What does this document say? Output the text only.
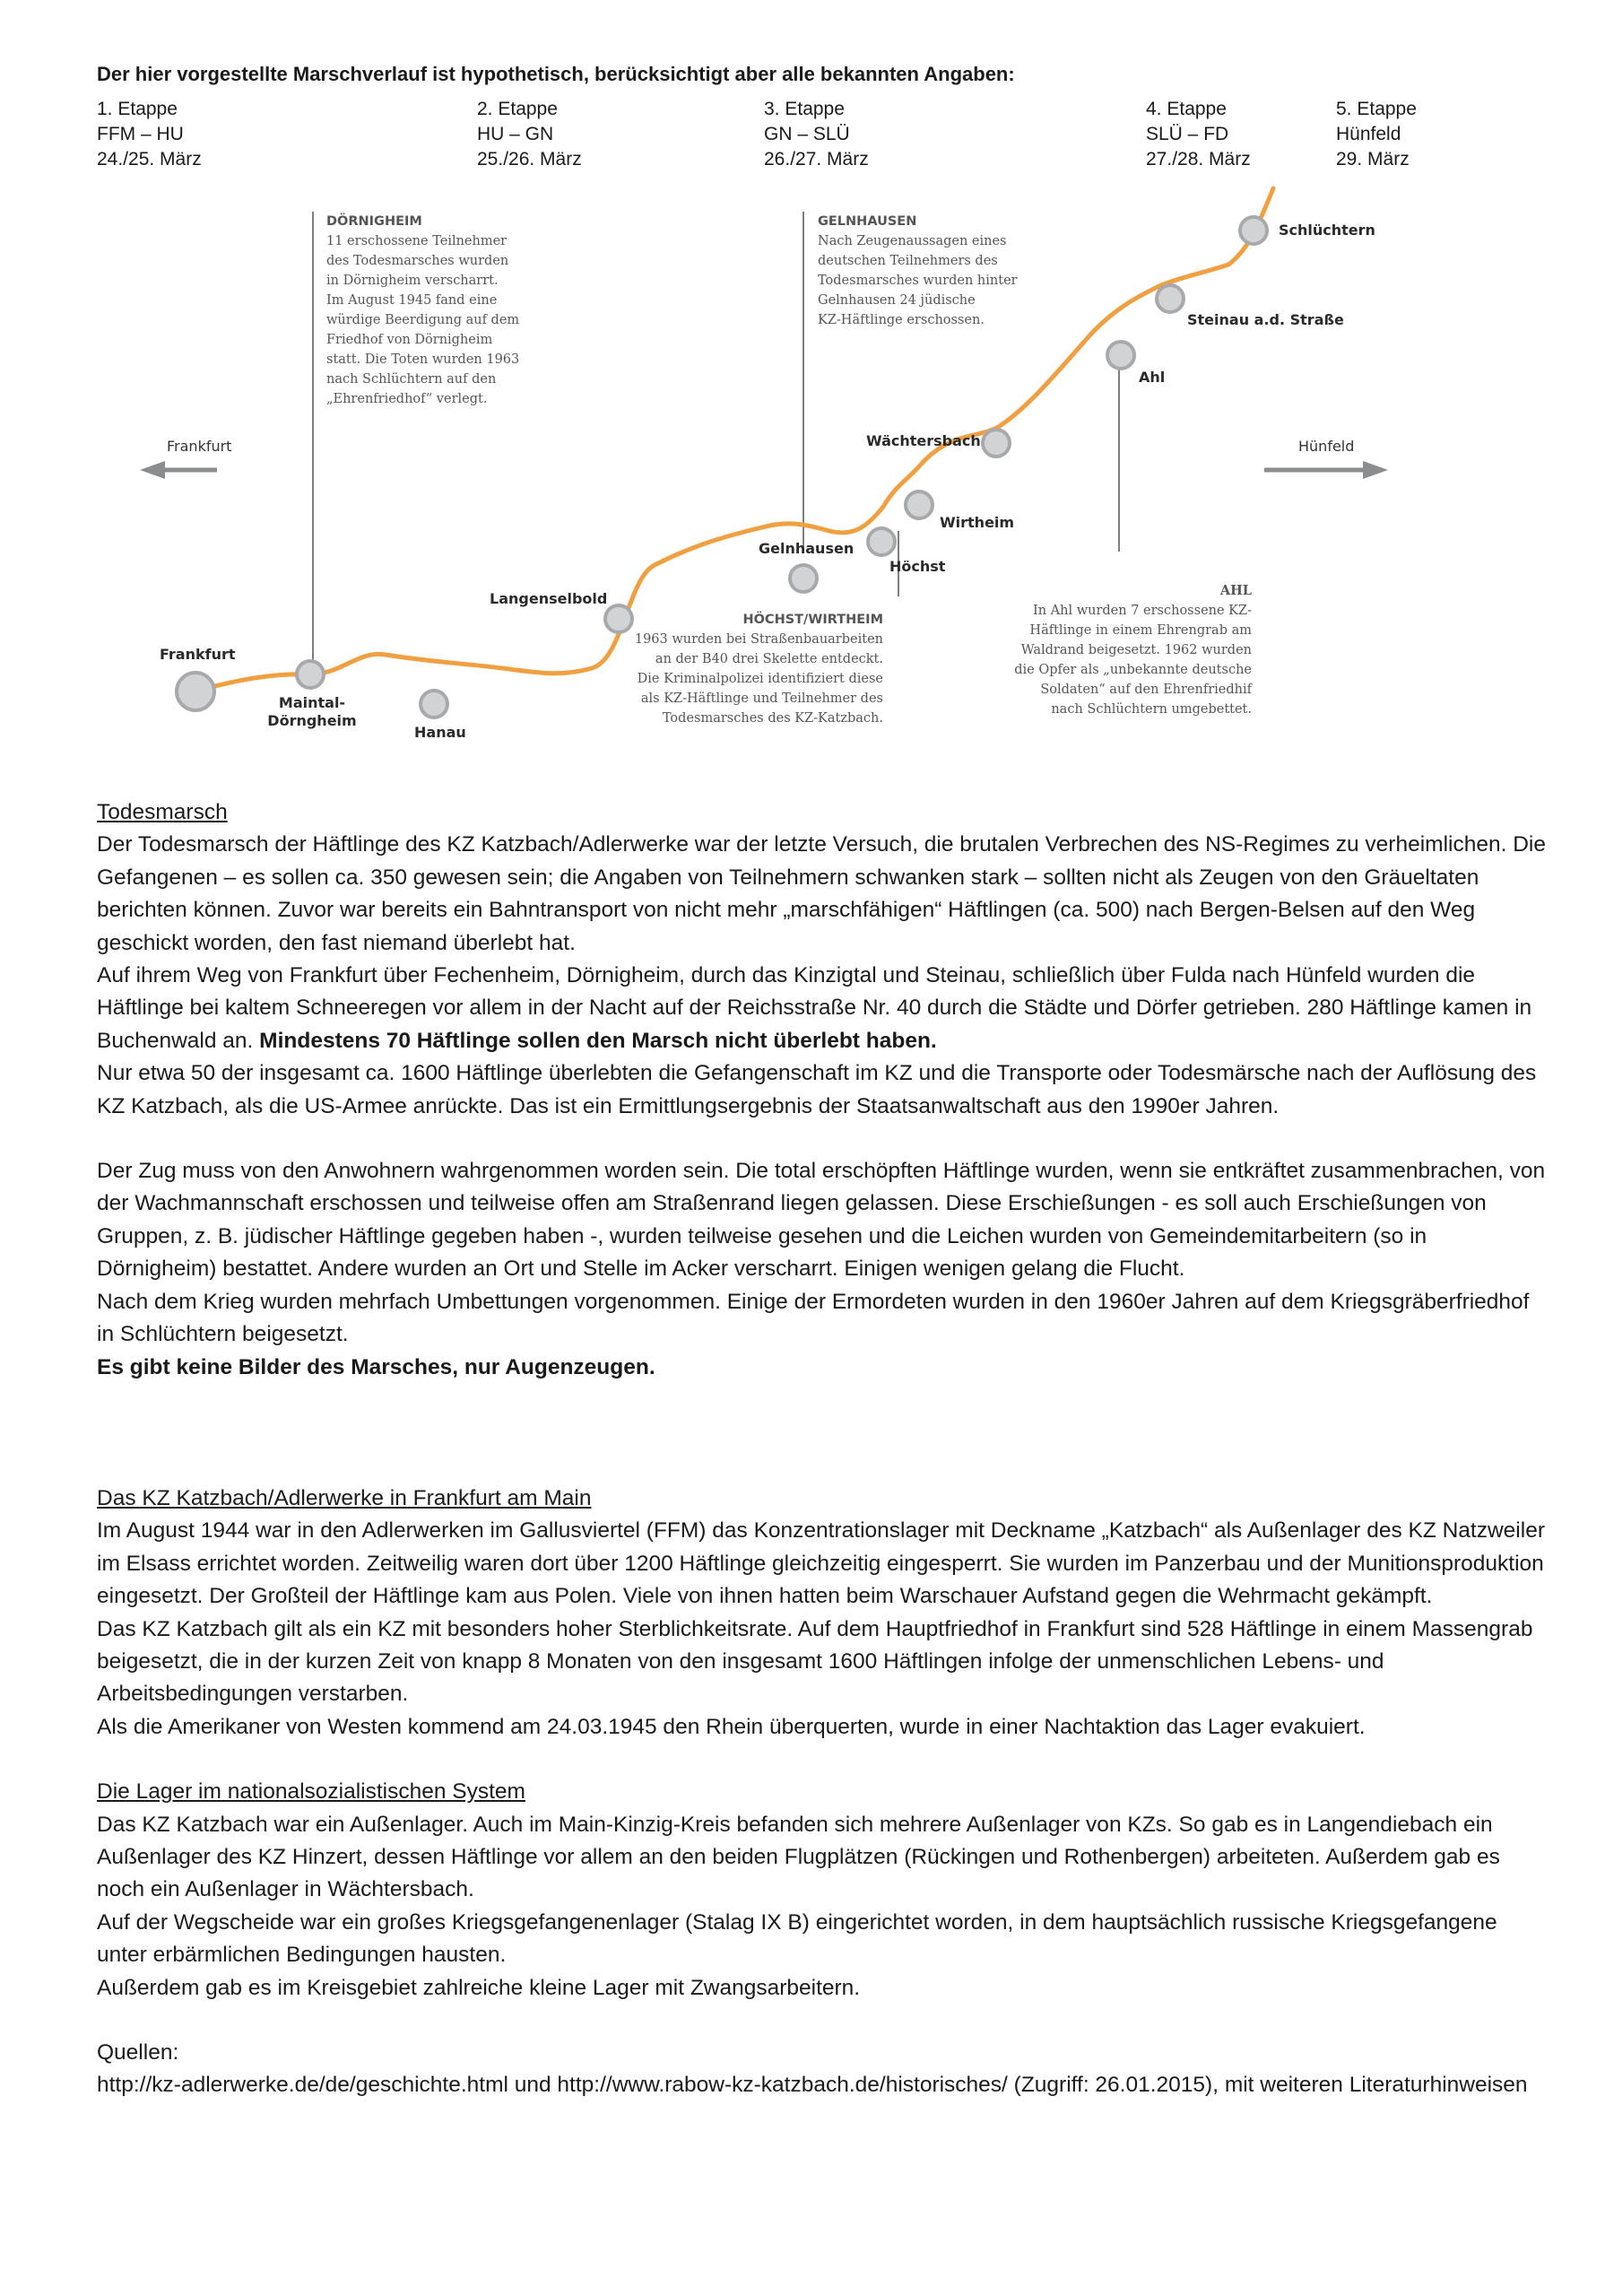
Der hier vorgestellte Marschverlauf ist hypothetisch, berücksichtigt aber alle bekannten Angaben:

1. Etappe
FFM – HU
24./25. März
2. Etappe
HU – GN
25./26. März
3. Etappe
GN – SLÜ
26./27. März
4. Etappe
SLÜ – FD
27./28. März
5. Etappe
Hünfeld
29. März
Frankfurt	Hünfeld
Frankfurt
Maintal-
Dörngheim
Hanau
Langenselbold
Gelnhausen
Höchst
Wirtheim
Wächtersbach
Ahl
Steinau a.d. Straße
Schlüchtern
DÖRNIGHEIM
11 erschossene Teilnehmer
des Todesmarsches wurden
in Dörnigheim verscharrt.
Im August 1945 fand eine
würdige Beerdigung auf dem
Friedhof von Dörnigheim
statt. Die Toten wurden 1963
nach Schlüchtern auf den
„Ehrenfriedhof“ verlegt.
GELNHAUSEN
Nach Zeugenaussagen eines
deutschen Teilnehmers des
Todesmarsches wurden hinter
Gelnhausen 24 jüdische
KZ-Häftlinge erschossen.
HÖCHST/WIRTHEIM
1963 wurden bei Straßenbauarbeiten
an der B40 drei Skelette entdeckt.
Die Kriminalpolizei identifiziert diese
als KZ-Häftlinge und Teilnehmer des
Todesmarsches des KZ-Katzbach.
AHL
In Ahl wurden 7 erschossene KZ-
Häftlinge in einem Ehrengrab am
Waldrand beigesetzt. 1962 wurden
die Opfer als „unbekannte deutsche
Soldaten“ auf den Ehrenfriedhif
nach Schlüchtern umgebettet.

Todesmarsch

Der Todesmarsch der Häftlinge des KZ Katzbach/Adlerwerke war der letzte Versuch, die brutalen Verbrechen des NS-Regimes zu verheimlichen. Die Gefangenen – es sollen ca. 350 gewesen sein; die Angaben von Teilnehmern schwanken stark – sollten nicht als Zeugen von den Gräueltaten berichten können. Zuvor war bereits ein Bahntransport von nicht mehr „marschfähigen“ Häftlingen (ca. 500) nach Bergen-Belsen auf den Weg geschickt worden, den fast niemand überlebt hat.

Auf ihrem Weg von Frankfurt über Fechenheim, Dörnigheim, durch das Kinzigtal und Steinau, schließlich über Fulda nach Hünfeld wurden die Häftlinge bei kaltem Schneeregen vor allem in der Nacht auf der Reichsstraße Nr. 40 durch die Städte und Dörfer getrieben. 280 Häftlinge kamen in Buchenwald an. Mindestens 70 Häftlinge sollen den Marsch nicht überlebt haben.

Nur etwa 50 der insgesamt ca. 1600 Häftlinge überlebten die Gefangenschaft im KZ und die Transporte oder Todesmärsche nach der Auflösung des KZ Katzbach, als die US-Armee anrückte. Das ist ein Ermittlungsergebnis der Staatsanwaltschaft aus den 1990er Jahren.

Der Zug muss von den Anwohnern wahrgenommen worden sein. Die total erschöpften Häftlinge wurden, wenn sie entkräftet zusammenbrachen, von der Wachmannschaft erschossen und teilweise offen am Straßenrand liegen gelassen. Diese Erschießungen - es soll auch Erschießungen von Gruppen, z. B. jüdischer Häftlinge gegeben haben -, wurden teilweise gesehen und die Leichen wurden von Gemeindemitarbeitern (so in Dörnigheim) bestattet. Andere wurden an Ort und Stelle im Acker verscharrt. Einigen wenigen gelang die Flucht.

Nach dem Krieg wurden mehrfach Umbettungen vorgenommen. Einige der Ermordeten wurden in den 1960er Jahren auf dem Kriegsgräberfriedhof in Schlüchtern beigesetzt.

Es gibt keine Bilder des Marsches, nur Augenzeugen.

Das KZ Katzbach/Adlerwerke in Frankfurt am Main

Im August 1944 war in den Adlerwerken im Gallusviertel (FFM) das Konzentrationslager mit Deckname „Katzbach“ als Außenlager des KZ Natzweiler im Elsass errichtet worden. Zeitweilig waren dort über 1200 Häftlinge gleichzeitig eingesperrt. Sie wurden im Panzerbau und der Munitionsproduktion eingesetzt. Der Großteil der Häftlinge kam aus Polen. Viele von ihnen hatten beim Warschauer Aufstand gegen die Wehrmacht gekämpft.

Das KZ Katzbach gilt als ein KZ mit besonders hoher Sterblichkeitsrate. Auf dem Hauptfriedhof in Frankfurt sind 528 Häftlinge in einem Massengrab beigesetzt, die in der kurzen Zeit von knapp 8 Monaten von den insgesamt 1600 Häftlingen infolge der unmenschlichen Lebens- und Arbeitsbedingungen verstarben.

Als die Amerikaner von Westen kommend am 24.03.1945 den Rhein überquerten, wurde in einer Nachtaktion das Lager evakuiert.

Die Lager im nationalsozialistischen System

Das KZ Katzbach war ein Außenlager. Auch im Main-Kinzig-Kreis befanden sich mehrere Außenlager von KZs. So gab es in Langendiebach ein Außenlager des KZ Hinzert, dessen Häftlinge vor allem an den beiden Flugplätzen (Rückingen und Rothenbergen) arbeiteten. Außerdem gab es noch ein Außenlager in Wächtersbach.

Auf der Wegscheide war ein großes Kriegsgefangenenlager (Stalag IX B) eingerichtet worden, in dem hauptsächlich russische Kriegsgefangene unter erbärmlichen Bedingungen hausten.

Außerdem gab es im Kreisgebiet zahlreiche kleine Lager mit Zwangsarbeitern.

Quellen:

http://kz-adlerwerke.de/de/geschichte.html und http://www.rabow-kz-katzbach.de/historisches/ (Zugriff: 26.01.2015), mit weiteren Literaturhinweisen
